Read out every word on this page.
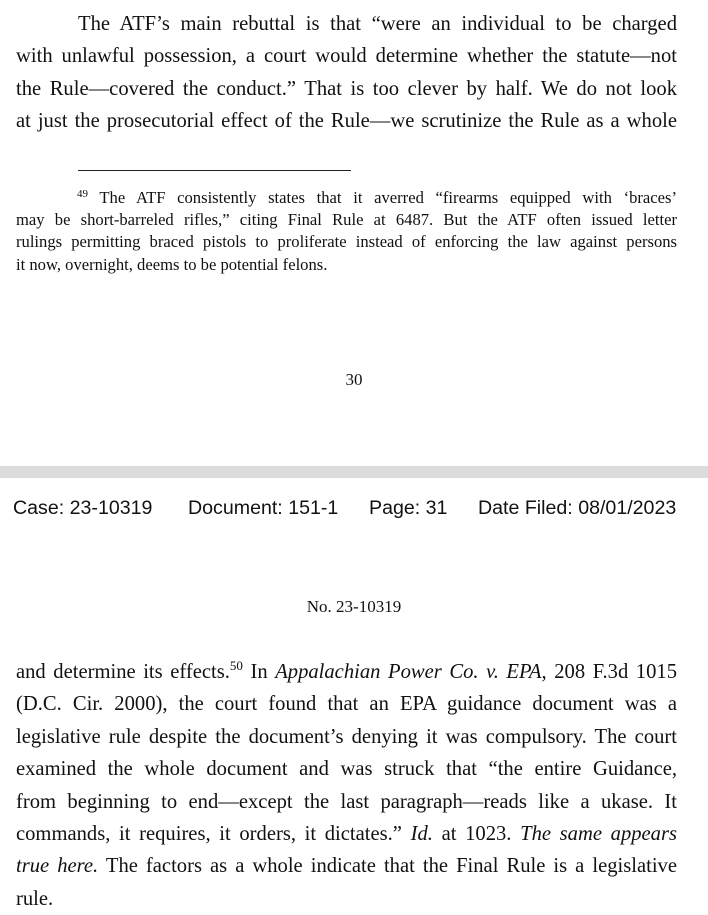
The ATF’s main rebuttal is that “were an individual to be charged
with unlawful possession, a court would determine whether the statute—not
the Rule—covered the conduct.” That is too clever by half. We do not look
at just the prosecutorial effect of the Rule—we scrutinize the Rule as a whole
$^{49}$ The ATF consistently states that it averred “firearms equipped with ‘braces’
may be short-barreled rifles,” citing Final Rule at 6487. But the ATF often issued letter
rulings permitting braced pistols to proliferate instead of enforcing the law against persons
it now, overnight, deems to be potential felons.
30
Case: 23-10319 Document: 151-1 Page: 31 Date Filed: 08/01/2023
No. 23-10319
and determine its effects.$^{50}$ In Appalachian Power Co. v. EPA, 208 F.3d 1015
(D.C. Cir. 2000), the court found that an EPA guidance document was a
legislative rule despite the document’s denying it was compulsory. The court
examined the whole document and was struck that “the entire Guidance,
from beginning to end—except the last paragraph—reads like a ukase. It
commands, it requires, it orders, it dictates.” Id. at 1023. The same appears
true here. The factors as a whole indicate that the Final Rule is a legislative
rule.
